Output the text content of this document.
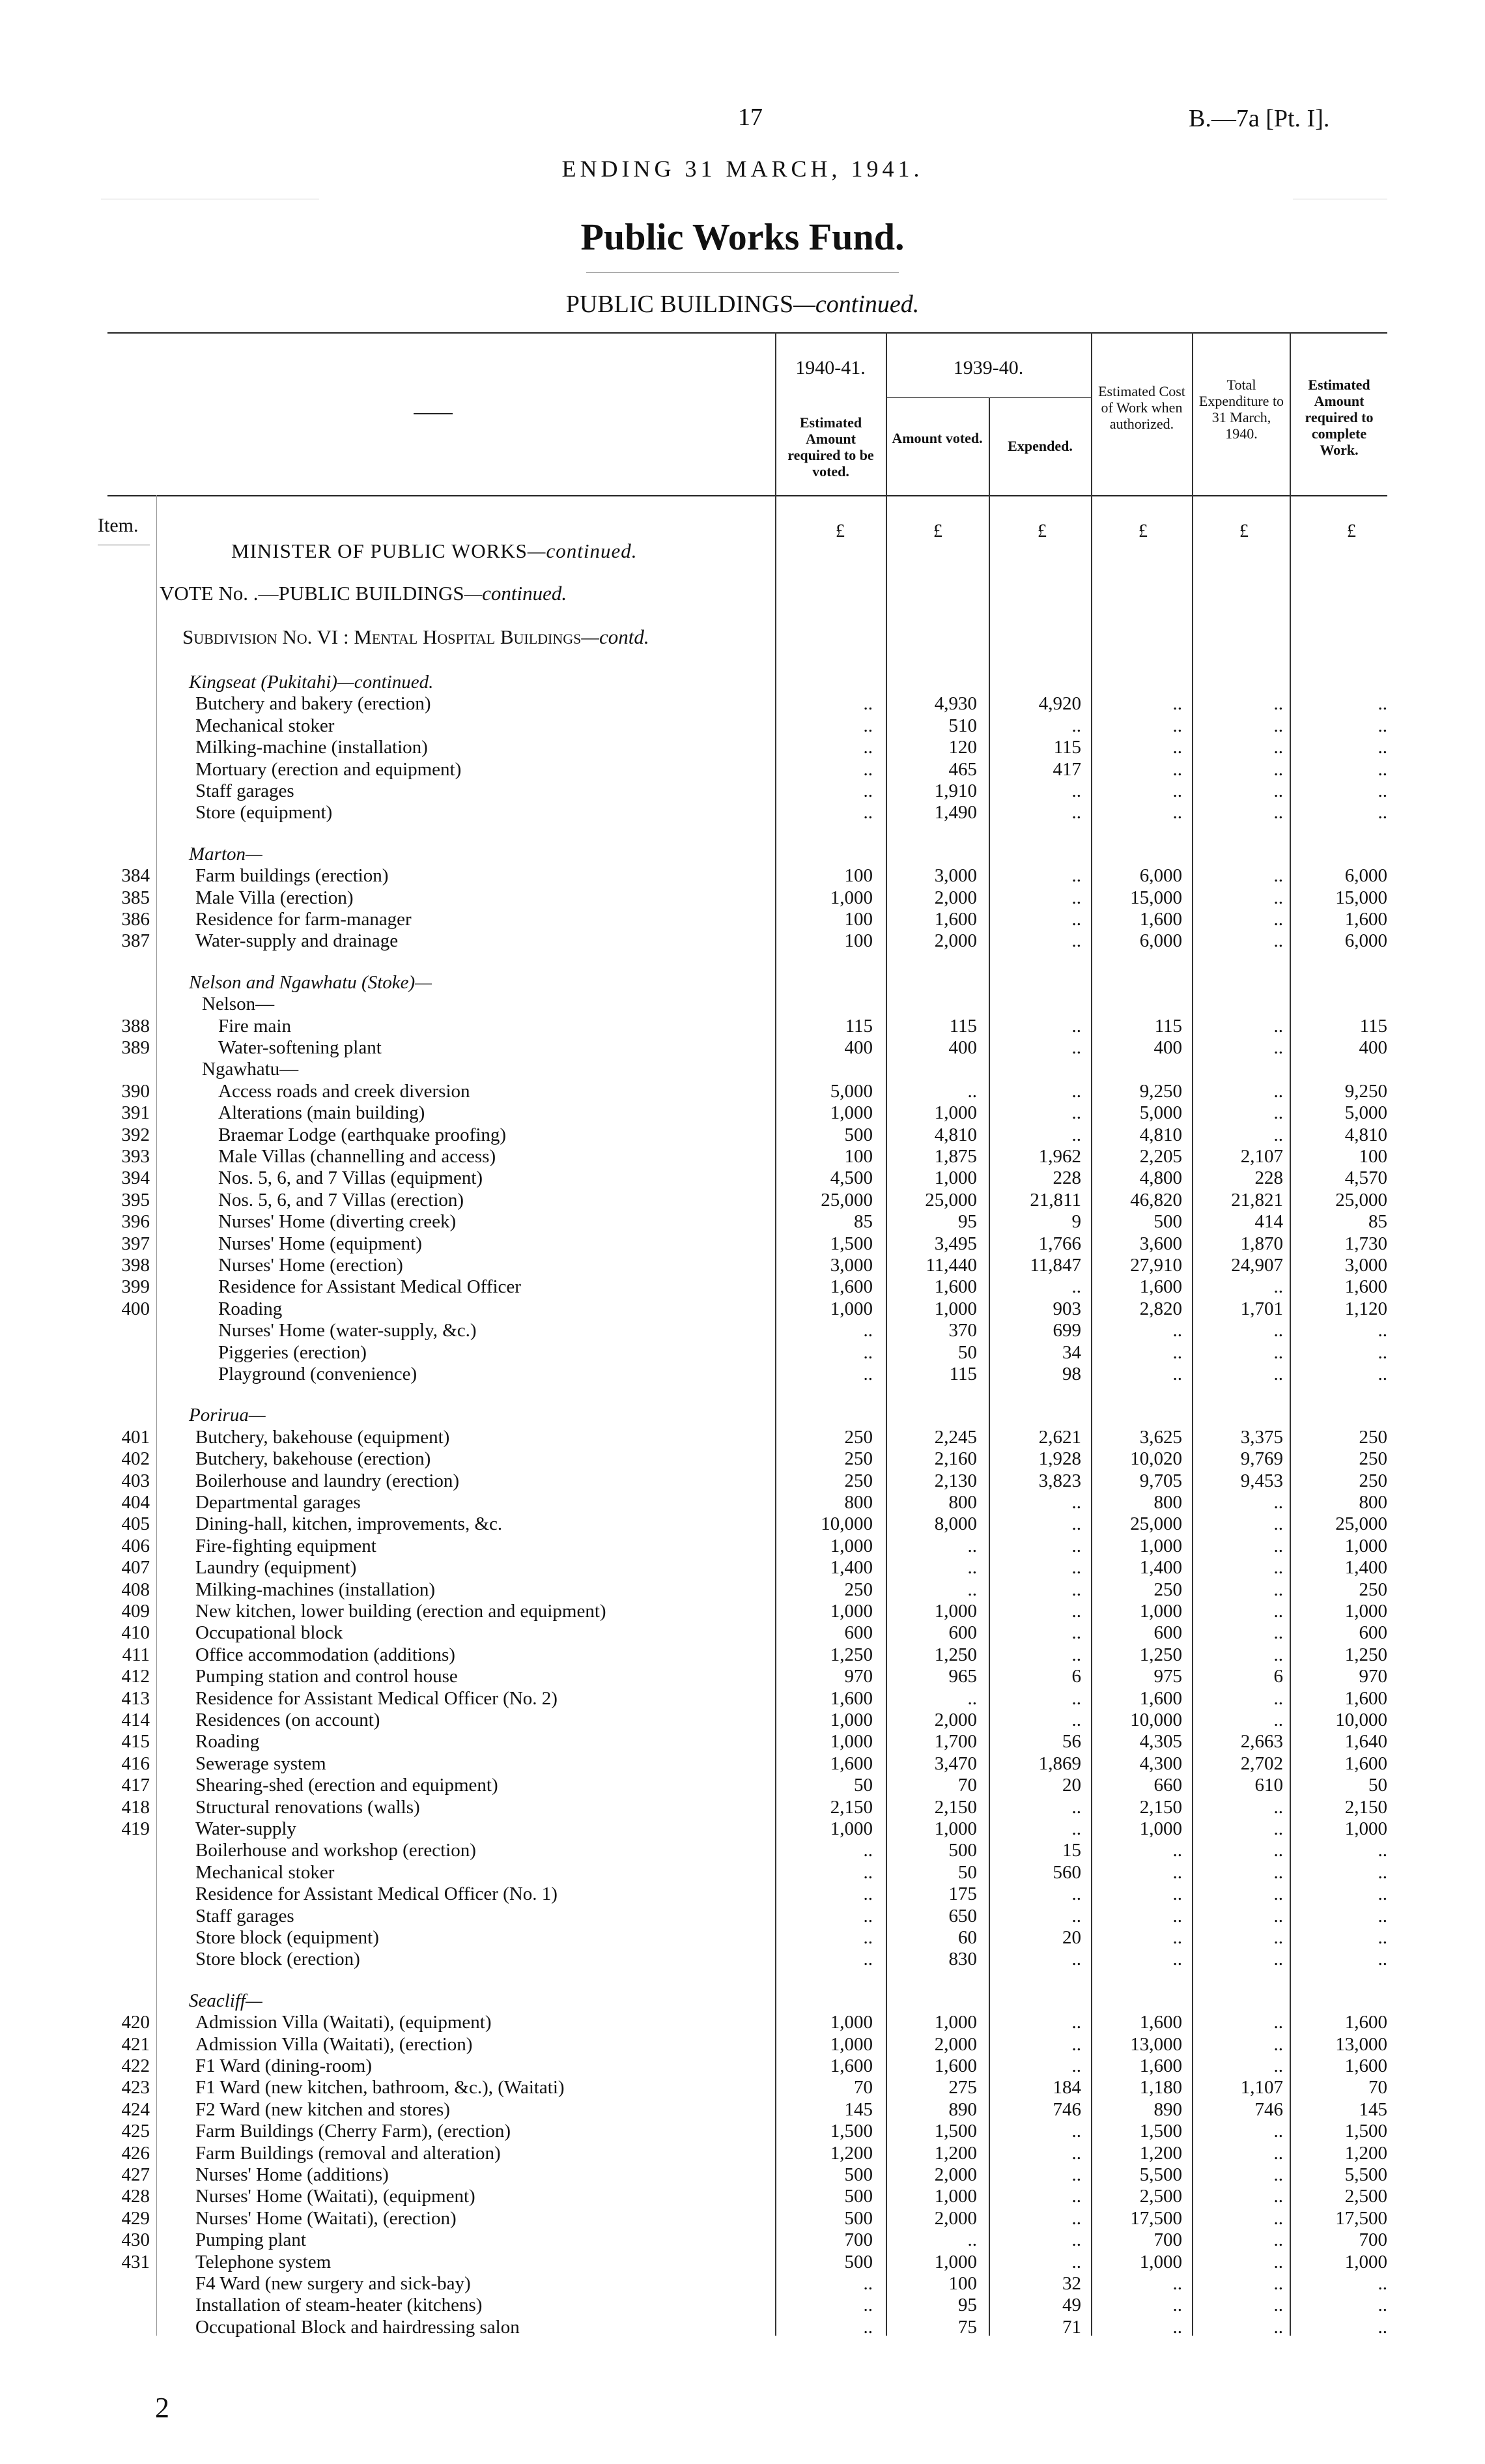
17	B.—7a [Pt. I].
ENDING 31 MARCH, 1941.
Public Works Fund.
PUBLIC BUILDINGS—continued.
1940-41.	1939-40.
Estimated Amount required to be voted.
Amount voted.	Expended.
Estimated Cost of Work when authorized.
Total Expenditure to 31 March, 1940.
Estimated Amount required to complete Work.
Item.	£	£	£	£	£	£
MINISTER OF PUBLIC WORKS—continued.
VOTE No. .—PUBLIC BUILDINGS—continued.
Subdivision No. VI : Mental Hospital Buildings—contd.
Kingseat (Pukitahi)—continued.
Butchery and bakery (erection)	..	4,930	4,920	..	..	..
Mechanical stoker	..	510	..	..	..	..
Milking-machine (installation)	..	120	115	..	..	..
Mortuary (erection and equipment)	..	465	417	..	..	..
Staff garages	..	1,910	..	..	..	..
Store (equipment)	..	1,490	..	..	..	..
Marton—
384 Farm buildings (erection)	100	3,000	..	6,000	..	6,000
385 Male Villa (erection)	1,000	2,000	..	15,000	..	15,000
386 Residence for farm-manager	100	1,600	..	1,600	..	1,600
387 Water-supply and drainage	100	2,000	..	6,000	..	6,000
Nelson and Ngawhatu (Stoke)—
Nelson—
388	Fire main	115	115	..	115	..	115
389	Water-softening plant	400	400	..	400	..	400
Ngawhatu—
390	Access roads and creek diversion	5,000	..	..	9,250	..	9,250
391	Alterations (main building)	1,000	1,000	..	5,000	..	5,000
392	Braemar Lodge (earthquake proofing)	500	4,810	..	4,810	..	4,810
393	Male Villas (channelling and access)	100	1,875	1,962	2,205	2,107	100
394	Nos. 5, 6, and 7 Villas (equipment)	4,500	1,000	228	4,800	228	4,570
395	Nos. 5, 6, and 7 Villas (erection)	25,000	25,000	21,811	46,820	21,821	25,000
396	Nurses' Home (diverting creek)	85	95	9	500	414	85
397	Nurses' Home (equipment)	1,500	3,495	1,766	3,600	1,870	1,730
398	Nurses' Home (erection)	3,000	11,440	11,847	27,910	24,907	3,000
399	Residence for Assistant Medical Officer	1,600	1,600	..	1,600	..	1,600
400	Roading	1,000	1,000	903	2,820	1,701	1,120
Nurses' Home (water-supply, &c.)	..	370	699	..	..	..
Piggeries (erection)	..	50	34	..	..	..
Playground (convenience)	..	115	98	..	..	..
Porirua—
401 Butchery, bakehouse (equipment)	250	2,245	2,621	3,625	3,375	250
402 Butchery, bakehouse (erection)	250	2,160	1,928	10,020	9,769	250
403 Boilerhouse and laundry (erection)	250	2,130	3,823	9,705	9,453	250
404 Departmental garages	800	800	..	800	..	800
405 Dining-hall, kitchen, improvements, &c.	10,000	8,000	..	25,000	..	25,000
406 Fire-fighting equipment	1,000	..	..	1,000	..	1,000
407 Laundry (equipment)	1,400	..	..	1,400	..	1,400
408 Milking-machines (installation)	250	..	..	250	..	250
409 New kitchen, lower building (erection and equipment)	1,000	1,000	..	1,000	..	1,000
410 Occupational block	600	600	..	600	..	600
411 Office accommodation (additions)	1,250	1,250	..	1,250	..	1,250
412 Pumping station and control house	970	965	6	975	6	970
413 Residence for Assistant Medical Officer (No. 2)	1,600	..	..	1,600	..	1,600
414 Residences (on account)	1,000	2,000	..	10,000	..	10,000
415 Roading	1,000	1,700	56	4,305	2,663	1,640
416 Sewerage system	1,600	3,470	1,869	4,300	2,702	1,600
417 Shearing-shed (erection and equipment)	50	70	20	660	610	50
418 Structural renovations (walls)	2,150	2,150	..	2,150	..	2,150
419 Water-supply	1,000	1,000	..	1,000	..	1,000
Boilerhouse and workshop (erection)	..	500	15	..	..	..
Mechanical stoker	..	50	560	..	..	..
Residence for Assistant Medical Officer (No. 1)	..	175	..	..	..	..
Staff garages	..	650	..	..	..	..
Store block (equipment)	..	60	20	..	..	..
Store block (erection)	..	830	..	..	..	..
Seacliff—
420 Admission Villa (Waitati), (equipment)	1,000	1,000	..	1,600	..	1,600
421 Admission Villa (Waitati), (erection)	1,000	2,000	..	13,000	..	13,000
422 F1 Ward (dining-room)	1,600	1,600	..	1,600	..	1,600
423 F1 Ward (new kitchen, bathroom, &c.), (Waitati)	70	275	184	1,180	1,107	70
424 F2 Ward (new kitchen and stores)	145	890	746	890	746	145
425 Farm Buildings (Cherry Farm), (erection)	1,500	1,500	..	1,500	..	1,500
426 Farm Buildings (removal and alteration)	1,200	1,200	..	1,200	..	1,200
427 Nurses' Home (additions)	500	2,000	..	5,500	..	5,500
428 Nurses' Home (Waitati), (equipment)	500	1,000	..	2,500	..	2,500
429 Nurses' Home (Waitati), (erection)	500	2,000	..	17,500	..	17,500
430 Pumping plant	700	..	..	700	..	700
431 Telephone system	500	1,000	..	1,000	..	1,000
F4 Ward (new surgery and sick-bay)	..	100	32	..	..	..
Installation of steam-heater (kitchens)	..	95	49	..	..	..
Occupational Block and hairdressing salon	..	75	71	..	..	..
2
